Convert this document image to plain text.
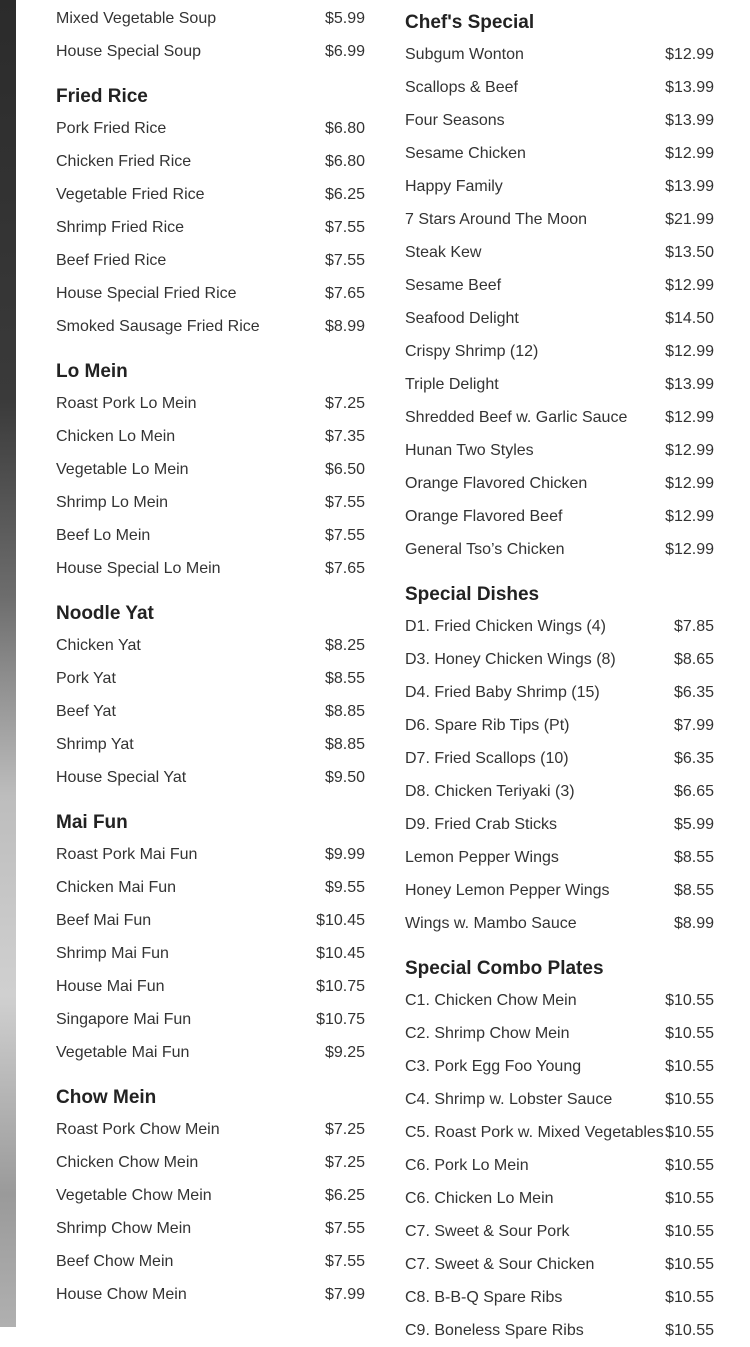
Mixed Vegetable Soup	$5.99
House Special Soup	$6.99
Fried Rice
Pork Fried Rice	$6.80
Chicken Fried Rice	$6.80
Vegetable Fried Rice	$6.25
Shrimp Fried Rice	$7.55
Beef Fried Rice	$7.55
House Special Fried Rice	$7.65
Smoked Sausage Fried Rice	$8.99
Lo Mein
Roast Pork Lo Mein	$7.25
Chicken Lo Mein	$7.35
Vegetable Lo Mein	$6.50
Shrimp Lo Mein	$7.55
Beef Lo Mein	$7.55
House Special Lo Mein	$7.65
Noodle Yat
Chicken Yat	$8.25
Pork Yat	$8.55
Beef Yat	$8.85
Shrimp Yat	$8.85
House Special Yat	$9.50
Mai Fun
Roast Pork Mai Fun	$9.99
Chicken Mai Fun	$9.55
Beef Mai Fun	$10.45
Shrimp Mai Fun	$10.45
House Mai Fun	$10.75
Singapore Mai Fun	$10.75
Vegetable Mai Fun	$9.25
Chow Mein
Roast Pork Chow Mein	$7.25
Chicken Chow Mein	$7.25
Vegetable Chow Mein	$6.25
Shrimp Chow Mein	$7.55
Beef Chow Mein	$7.55
House Chow Mein	$7.99
Chef's Special
Subgum Wonton	$12.99
Scallops & Beef	$13.99
Four Seasons	$13.99
Sesame Chicken	$12.99
Happy Family	$13.99
7 Stars Around The Moon	$21.99
Steak Kew	$13.50
Sesame Beef	$12.99
Seafood Delight	$14.50
Crispy Shrimp (12)	$12.99
Triple Delight	$13.99
Shredded Beef w. Garlic Sauce $12.99
Hunan Two Styles	$12.99
Orange Flavored Chicken	$12.99
Orange Flavored Beef	$12.99
General Tso’s Chicken	$12.99
Special Dishes
D1. Fried Chicken Wings (4)	$7.85
D3. Honey Chicken Wings (8)	$8.65
D4. Fried Baby Shrimp (15)	$6.35
D6. Spare Rib Tips (Pt)	$7.99
D7. Fried Scallops (10)	$6.35
D8. Chicken Teriyaki (3)	$6.65
D9. Fried Crab Sticks	$5.99
Lemon Pepper Wings	$8.55
Honey Lemon Pepper Wings	$8.55
Wings w. Mambo Sauce	$8.99
Special Combo Plates
C1. Chicken Chow Mein	$10.55
C2. Shrimp Chow Mein	$10.55
C3. Pork Egg Foo Young	$10.55
C4. Shrimp w. Lobster Sauce	$10.55
C5. Roast Pork w. Mixed Vegetables $10.55
C6. Pork Lo Mein	$10.55
C6. Chicken Lo Mein	$10.55
C7. Sweet & Sour Pork	$10.55
C7. Sweet & Sour Chicken	$10.55
C8. B-B-Q Spare Ribs	$10.55
C9. Boneless Spare Ribs	$10.55
